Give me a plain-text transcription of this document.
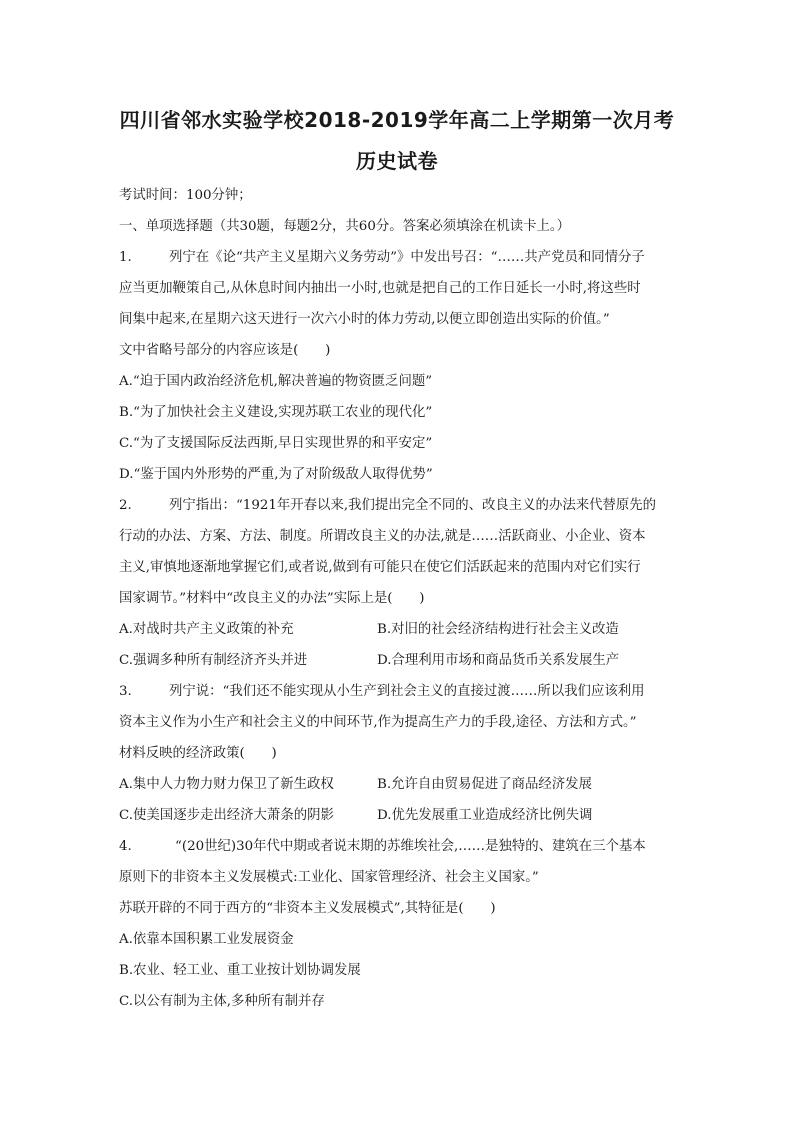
四川省邻水实验学校2018-2019学年高二上学期第一次月考
历史试卷
考试时间：100分钟；
一、单项选择题（共30题，每题2分，共60分。答案必须填涂在机读卡上。）
1.	列宁在《论“共产主义星期六义务劳动”》中发出号召：“……共产党员和同情分子
应当更加鞭策自己,从休息时间内抽出一小时,也就是把自己的工作日延长一小时,将这些时
间集中起来,在星期六这天进行一次六小时的体力劳动,以便立即创造出实际的价值。”
文中省略号部分的内容应该是(　　)
A.“迫于国内政治经济危机,解决普遍的物资匮乏问题”
B.“为了加快社会主义建设,实现苏联工农业的现代化”
C.“为了支援国际反法西斯,早日实现世界的和平安定”
D.“鉴于国内外形势的严重,为了对阶级敌人取得优势”
2.	列宁指出：“1921年开春以来,我们提出完全不同的、改良主义的办法来代替原先的
行动的办法、方案、方法、制度。所谓改良主义的办法,就是……活跃商业、小企业、资本
主义,审慎地逐渐地掌握它们,或者说,做到有可能只在使它们活跃起来的范围内对它们实行
国家调节。”材料中“改良主义的办法”实际上是(　　)
A.对战时共产主义政策的补充	B.对旧的社会经济结构进行社会主义改造
C.强调多种所有制经济齐头并进	D.合理利用市场和商品货币关系发展生产
3.	列宁说：“我们还不能实现从小生产到社会主义的直接过渡……所以我们应该利用
资本主义作为小生产和社会主义的中间环节,作为提高生产力的手段,途径、方法和方式。”
材料反映的经济政策(　　)
A.集中人力物力财力保卫了新生政权	B.允许自由贸易促进了商品经济发展
C.使美国逐步走出经济大萧条的阴影	D.优先发展重工业造成经济比例失调
4.	“(20世纪)30年代中期或者说末期的苏维埃社会,……是独特的、建筑在三个基本
原则下的非资本主义发展模式:工业化、国家管理经济、社会主义国家。”
苏联开辟的不同于西方的“非资本主义发展模式”,其特征是(　　)
A.依靠本国积累工业发展资金
B.农业、轻工业、重工业按计划协调发展
C.以公有制为主体,多种所有制并存
